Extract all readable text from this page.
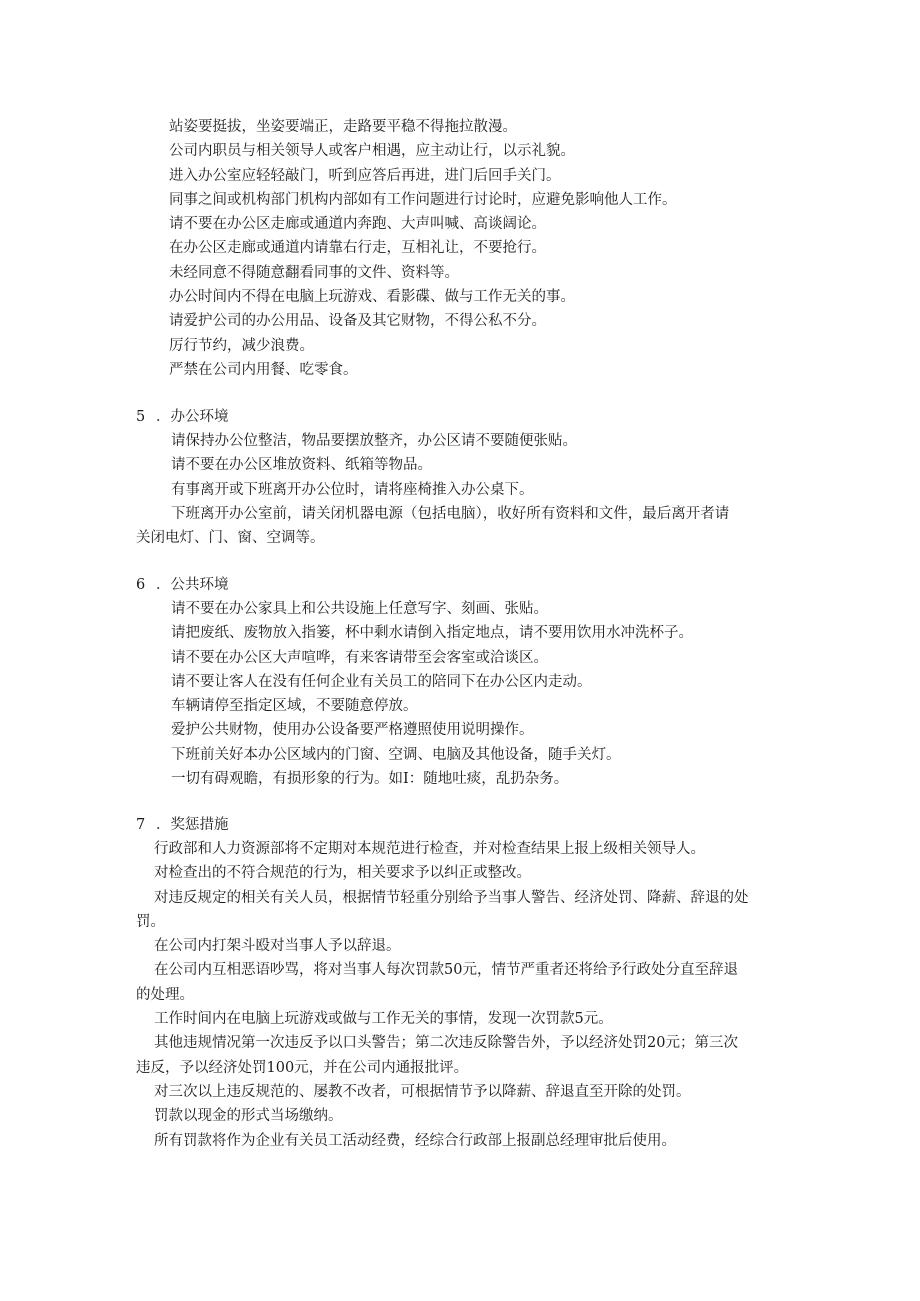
站姿要挺拔，坐姿要端正，走路要平稳不得拖拉散漫。
公司内职员与相关领导人或客户相遇，应主动让行，以示礼貌。
进入办公室应轻轻敲门，听到应答后再进，进门后回手关门。
同事之间或机构部门机构内部如有工作问题进行讨论时，应避免影响他人工作。
请不要在办公区走廊或通道内奔跑、大声叫喊、高谈阔论。
在办公区走廊或通道内请靠右行走，互相礼让，不要抢行。
未经同意不得随意翻看同事的文件、资料等。
办公时间内不得在电脑上玩游戏、看影碟、做与工作无关的事。
请爱护公司的办公用品、设备及其它财物，不得公私不分。
厉行节约，减少浪费。
严禁在公司内用餐、吃零食。
5 ．办公环境
请保持办公位整洁，物品要摆放整齐，办公区请不要随便张贴。
请不要在办公区堆放资料、纸箱等物品。
有事离开或下班离开办公位时，请将座椅推入办公桌下。
下班离开办公室前，请关闭机器电源（包括电脑），收好所有资料和文件，最后离开者请
关闭电灯、门、窗、空调等。
6 ．公共环境
请不要在办公家具上和公共设施上任意写字、刻画、张贴。
请把废纸、废物放入指篓，杯中剩水请倒入指定地点，请不要用饮用水冲洗杯子。
请不要在办公区大声喧哗，有来客请带至会客室或洽谈区。
请不要让客人在没有任何企业有关员工的陪同下在办公区内走动。
车辆请停至指定区域，不要随意停放。
爱护公共财物，使用办公设备要严格遵照使用说明操作。
下班前关好本办公区域内的门窗、空调、电脑及其他设备，随手关灯。
一切有碍观瞻，有损形象的行为。如I：随地吐痰，乱扔杂务。
7 ．奖惩措施
行政部和人力资源部将不定期对本规范进行检查，并对检查结果上报上级相关领导人。
对检查出的不符合规范的行为，相关要求予以纠正或整改。
对违反规定的相关有关人员，根据情节轻重分别给予当事人警告、经济处罚、降薪、辞退的处
罚。
在公司内打架斗殴对当事人予以辞退。
在公司内互相恶语吵骂，将对当事人每次罚款50元，情节严重者还将给予行政处分直至辞退
的处理。
工作时间内在电脑上玩游戏或做与工作无关的事情，发现一次罚款5元。
其他违规情况第一次违反予以口头警告；第二次违反除警告外，予以经济处罚20元；第三次
违反，予以经济处罚100元，并在公司内通报批评。
对三次以上违反规范的、屡教不改者，可根据情节予以降薪、辞退直至开除的处罚。
罚款以现金的形式当场缴纳。
所有罚款将作为企业有关员工活动经费，经综合行政部上报副总经理审批后使用。
